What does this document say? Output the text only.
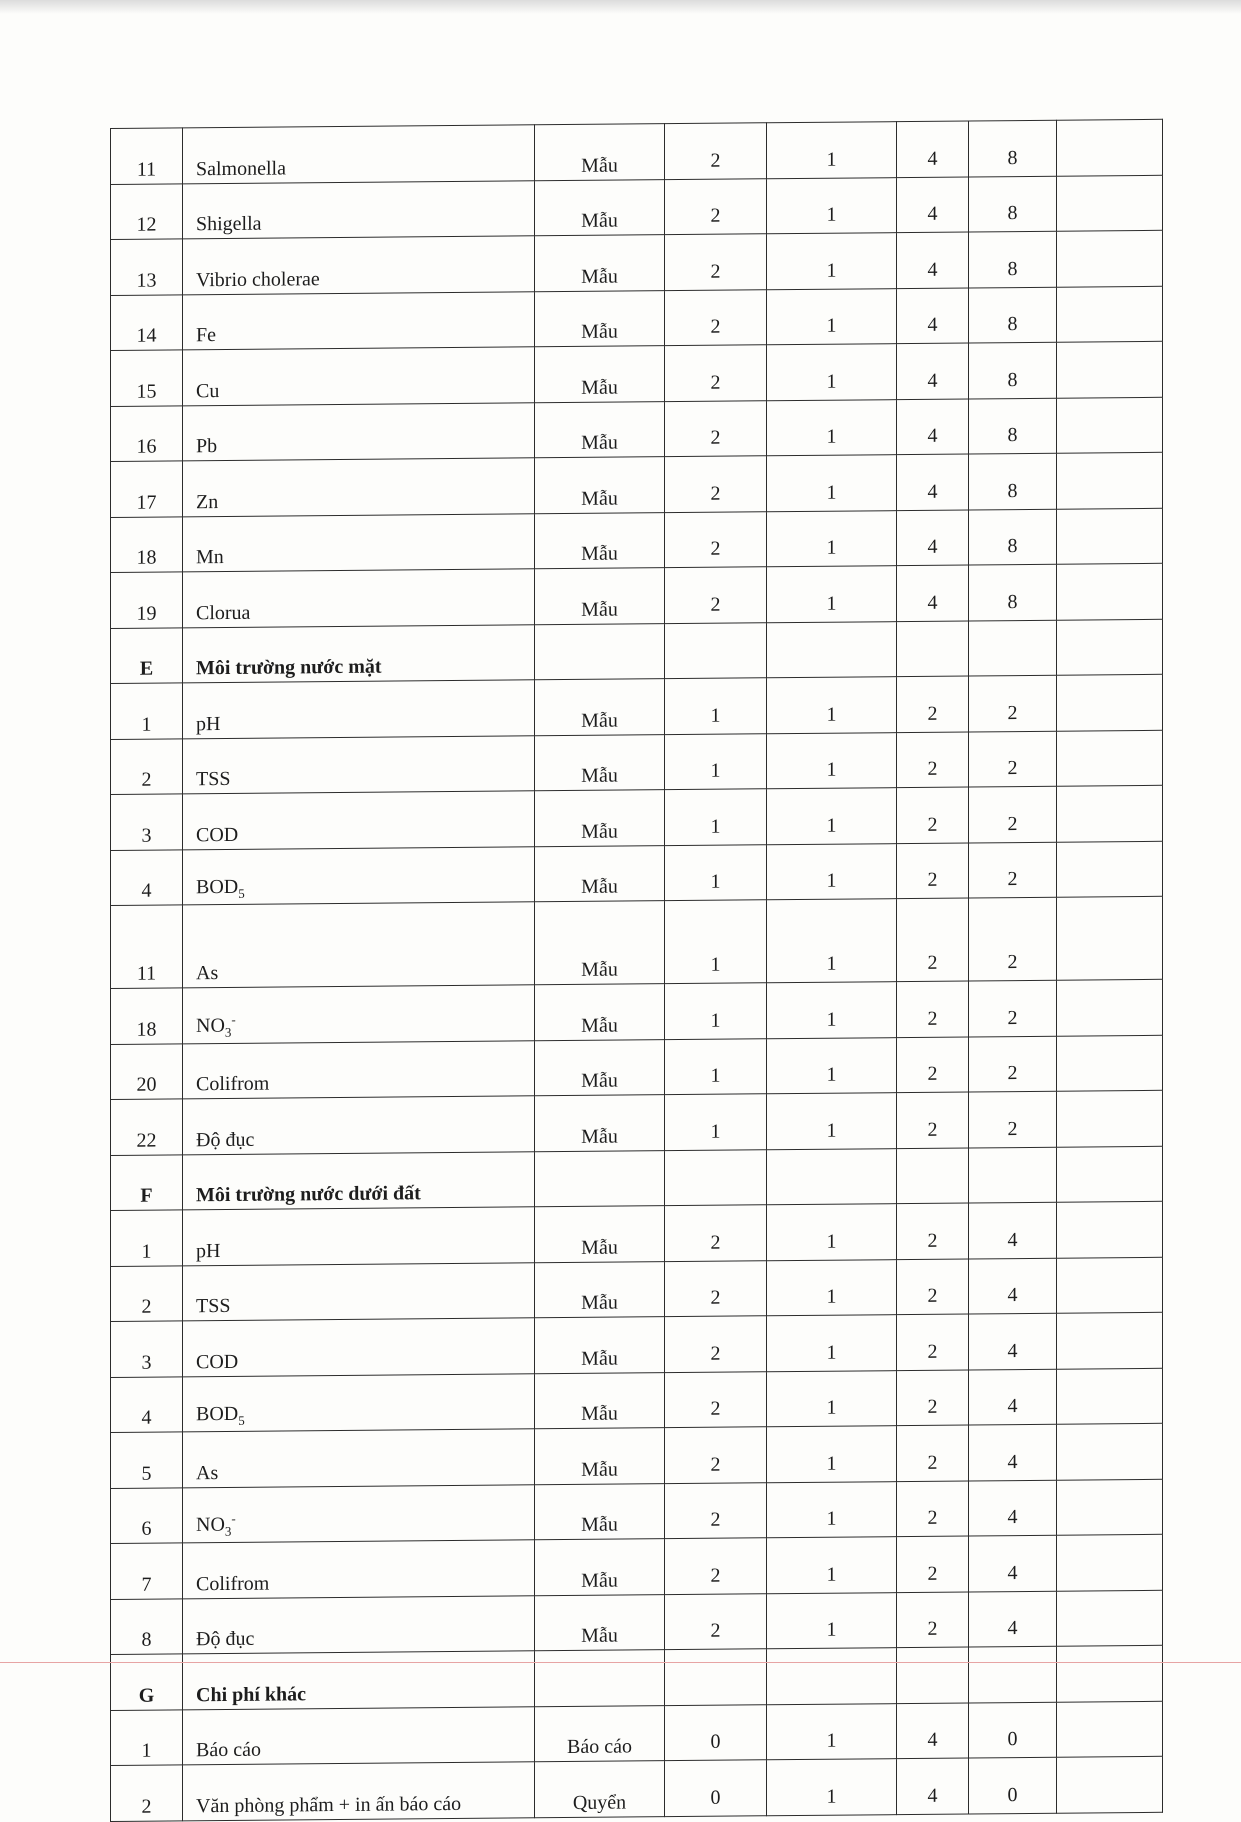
11	Salmonella	Mẫu	2	1	4	8	
12	Shigella	Mẫu	2	1	4	8	
13	Vibrio cholerae	Mẫu	2	1	4	8	
14	Fe	Mẫu	2	1	4	8	
15	Cu	Mẫu	2	1	4	8	
16	Pb	Mẫu	2	1	4	8	
17	Zn	Mẫu	2	1	4	8	
18	Mn	Mẫu	2	1	4	8	
19	Clorua	Mẫu	2	1	4	8	
E	Môi trường nước mặt						
1	pH	Mẫu	1	1	2	2	
2	TSS	Mẫu	1	1	2	2	
3	COD	Mẫu	1	1	2	2	
4	$BOD_5$	Mẫu	1	1	2	2	
11	As	Mẫu	1	1	2	2	
18	$NO_3^-$	Mẫu	1	1	2	2	
20	Colifrom	Mẫu	1	1	2	2	
22	Độ đục	Mẫu	1	1	2	2	
F	Môi trường nước dưới đất						
1	pH	Mẫu	2	1	2	4	
2	TSS	Mẫu	2	1	2	4	
3	COD	Mẫu	2	1	2	4	
4	$BOD_5$	Mẫu	2	1	2	4	
5	As	Mẫu	2	1	2	4	
6	$NO_3^-$	Mẫu	2	1	2	4	
7	Colifrom	Mẫu	2	1	2	4	
8	Độ đục	Mẫu	2	1	2	4	
G	Chi phí khác						
1	Báo cáo	Báo cáo	0	1	4	0	
2	Văn phòng phẩm + in ấn báo cáo	Quyển	0	1	4	0	
